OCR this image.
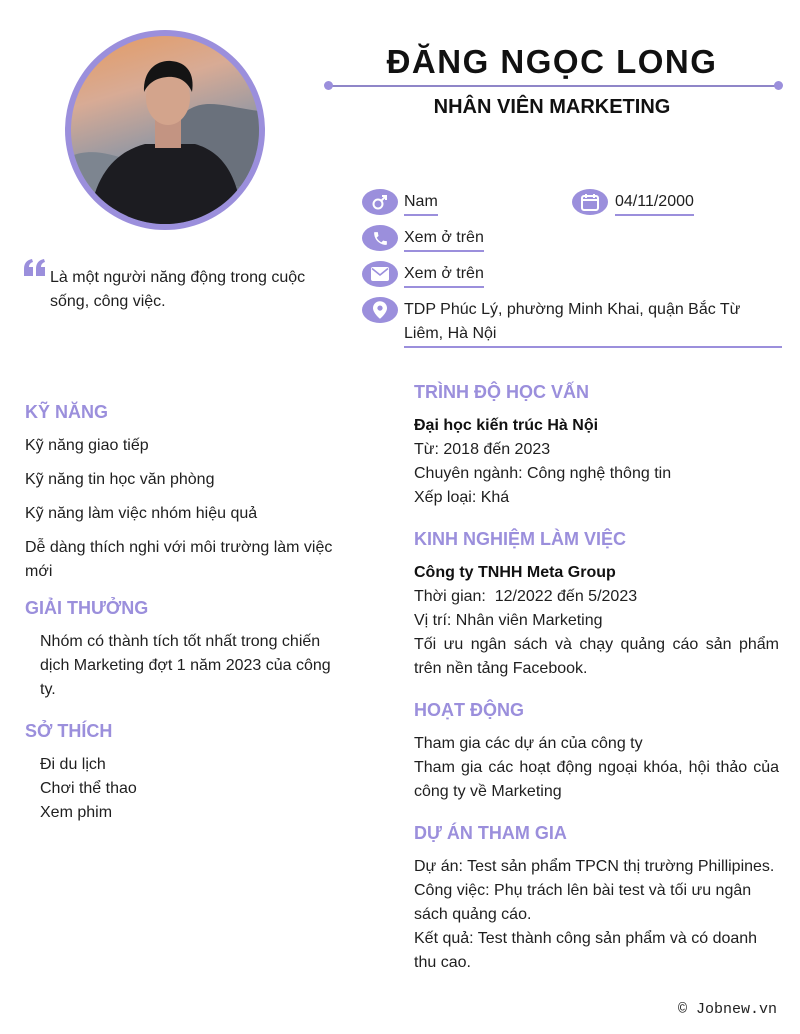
ĐĂNG NGỌC LONG
NHÂN VIÊN MARKETING
Nam	04/11/2000
Xem ở trên
Xem ở trên
TDP Phúc Lý, phường Minh Khai, quận Bắc Từ Liêm, Hà Nội
Là một người năng động trong cuộc sống, công việc.
KỸ NĂNG
Kỹ năng giao tiếp
Kỹ năng tin học văn phòng
Kỹ năng làm việc nhóm hiệu quả
Dễ dàng thích nghi với môi trường làm việc mới
GIẢI THƯỞNG
Nhóm có thành tích tốt nhất trong chiến dịch Marketing đợt 1 năm 2023 của công ty.
SỞ THÍCH
Đi du lịch
Chơi thể thao
Xem phim
TRÌNH ĐỘ HỌC VẤN
Đại học kiến trúc Hà Nội
Từ: 2018 đến 2023
Chuyên ngành: Công nghệ thông tin
Xếp loại: Khá
KINH NGHIỆM LÀM VIỆC
Công ty TNHH Meta Group
Thời gian:  12/2022 đến 5/2023
Vị trí: Nhân viên Marketing
Tối ưu ngân sách và chạy quảng cáo sản phẩm trên nền tảng Facebook.
HOẠT ĐỘNG
Tham gia các dự án của công ty
Tham gia các hoạt động ngoại khóa, hội thảo của công ty về Marketing
DỰ ÁN THAM GIA
Dự án: Test sản phẩm TPCN thị trường Phillipines.
Công việc: Phụ trách lên bài test và tối ưu ngân sách quảng cáo.
Kết quả: Test thành công sản phẩm và có doanh thu cao.
© Jobnew.vn
